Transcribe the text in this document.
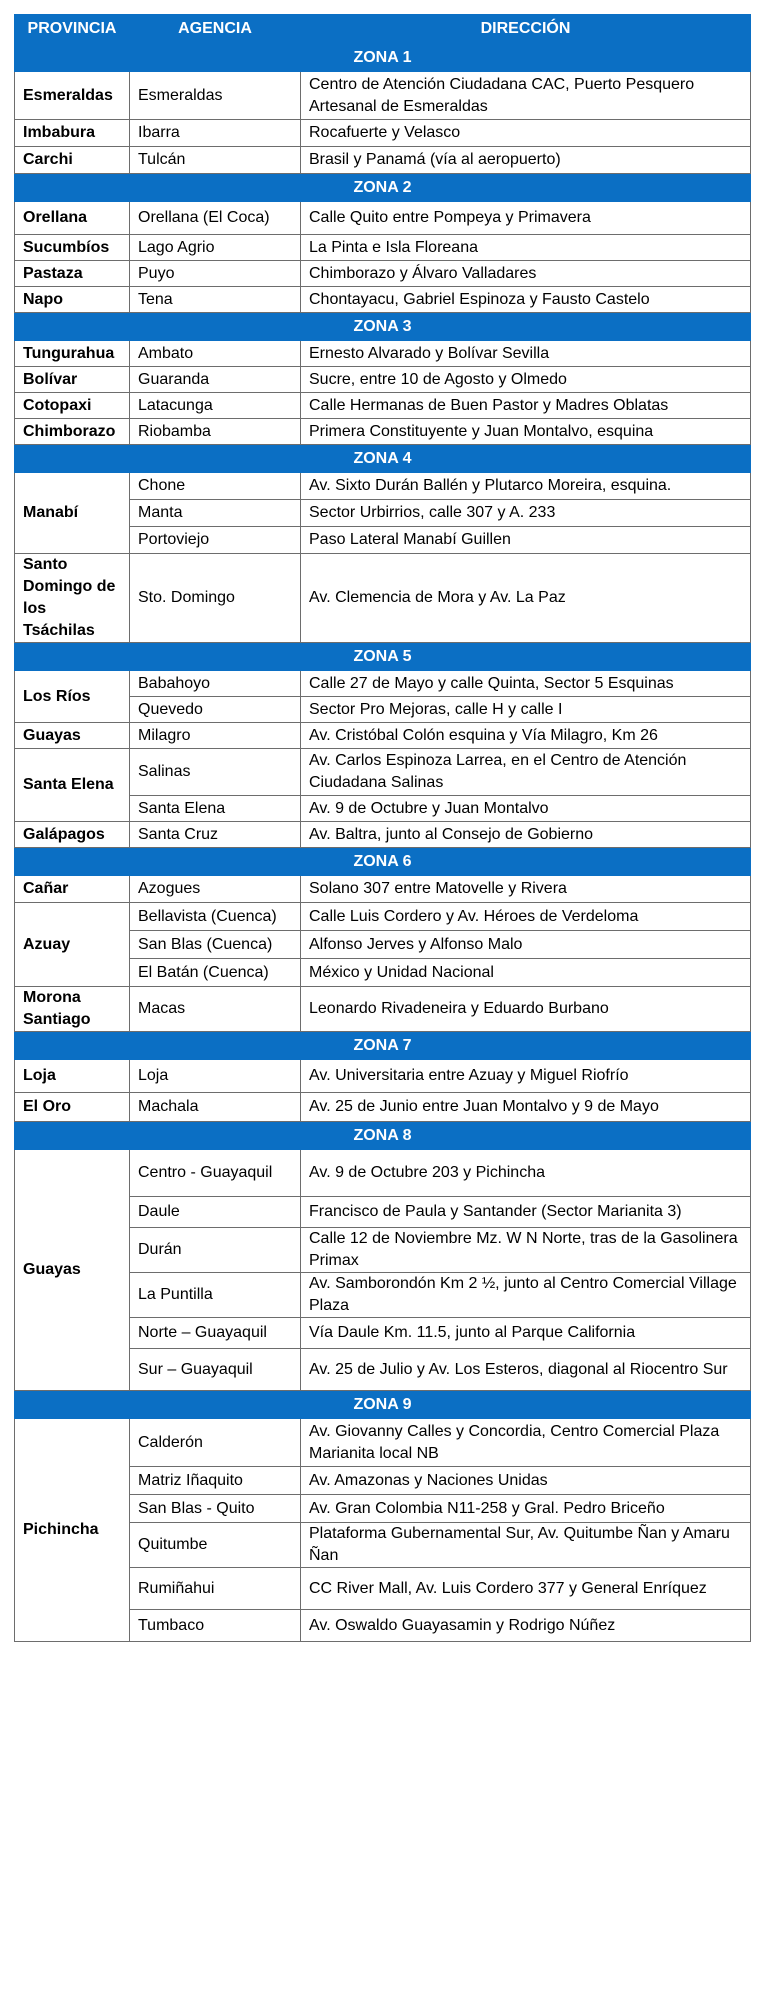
PROVINCIA	AGENCIA	DIRECCIÓN
ZONA 1		
Esmeraldas	Esmeraldas	Centro de Atención Ciudadana CAC, Puerto Pesquero Artesanal de Esmeraldas
Imbabura	Ibarra	Rocafuerte y Velasco
Carchi	Tulcán	Brasil y Panamá (vía al aeropuerto)
ZONA 2		
Orellana	Orellana (El Coca)	Calle Quito entre Pompeya y Primavera
Sucumbíos	Lago Agrio	La Pinta e Isla Floreana
Pastaza	Puyo	Chimborazo y Álvaro Valladares
Napo	Tena	Chontayacu, Gabriel Espinoza y Fausto Castelo
ZONA 3		
Tungurahua	Ambato	Ernesto Alvarado y Bolívar Sevilla
Bolívar	Guaranda	Sucre, entre 10 de Agosto y Olmedo
Cotopaxi	Latacunga	Calle Hermanas de Buen Pastor y Madres Oblatas
Chimborazo	Riobamba	Primera Constituyente y Juan Montalvo, esquina
ZONA 4		
Manabí	Chone	Av. Sixto Durán Ballén y Plutarco Moreira, esquina.
	Manta	Sector Urbirrios, calle 307 y A. 233
	Portoviejo	Paso Lateral Manabí Guillen
Santo Domingo de los Tsáchilas	Sto. Domingo	Av. Clemencia de Mora y Av. La Paz
ZONA 5		
Los Ríos	Babahoyo	Calle 27 de Mayo y calle Quinta, Sector 5 Esquinas
	Quevedo	Sector Pro Mejoras, calle H y calle I
Guayas	Milagro	Av. Cristóbal Colón esquina y Vía Milagro, Km 26
Santa Elena	Salinas	Av. Carlos Espinoza Larrea, en el Centro de Atención Ciudadana Salinas
	Santa Elena	Av. 9 de Octubre y Juan Montalvo
Galápagos	Santa Cruz	Av. Baltra, junto al Consejo de Gobierno
ZONA 6		
Cañar	Azogues	Solano 307 entre Matovelle y Rivera
Azuay	Bellavista (Cuenca)	Calle Luis Cordero y Av. Héroes de Verdeloma
	San Blas (Cuenca)	Alfonso Jerves y Alfonso Malo
	El Batán (Cuenca)	México y Unidad Nacional
Morona Santiago	Macas	Leonardo Rivadeneira y Eduardo Burbano
ZONA 7		
Loja	Loja	Av. Universitaria entre Azuay y Miguel Riofrío
El Oro	Machala	Av. 25 de Junio entre Juan Montalvo y 9 de Mayo
ZONA 8		
Guayas	Centro - Guayaquil	Av. 9 de Octubre 203 y Pichincha
	Daule	Francisco de Paula y Santander (Sector Marianita 3)
	Durán	Calle 12 de Noviembre Mz. W N Norte, tras de la Gasolinera Primax
	La Puntilla	Av. Samborondón Km 2 ½, junto al Centro Comercial Village Plaza
	Norte – Guayaquil	Vía Daule Km. 11.5, junto al Parque California
	Sur – Guayaquil	Av. 25 de Julio y Av. Los Esteros, diagonal al Riocentro Sur
ZONA 9		
Pichincha	Calderón	Av. Giovanny Calles y Concordia, Centro Comercial Plaza Marianita local NB
	Matriz Iñaquito	Av. Amazonas y Naciones Unidas
	San Blas - Quito	Av. Gran Colombia N11-258 y Gral. Pedro Briceño
	Quitumbe	Plataforma Gubernamental Sur, Av. Quitumbe Ñan y Amaru Ñan
	Rumiñahui	CC River Mall, Av. Luis Cordero 377 y General Enríquez
	Tumbaco	Av. Oswaldo Guayasamin y Rodrigo Núñez
